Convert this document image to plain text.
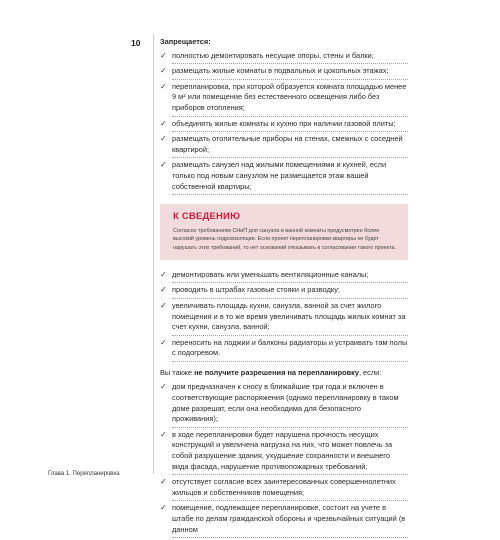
10
Глава 1. Перепланировка
Запрещается:
✓ полностью демонтировать несущие опоры, стены и балки;
✓ размещать жилые комнаты в подвальных и цокольных этажах;
✓ перепланировка, при которой образуется комната площадью менее 9 м² или помещение без естественного освещения либо без приборов отопления;
✓ объединять жилые комнаты и кухню при наличии газовой плиты;
✓ размещать отопительные приборы на стенах, смежных с соседней квартирой;
✓ размещать санузел над жилыми помещениями и кухней, если только под новым санузлом не размещается этаж вашей собственной квартиры;
К СВЕДЕНИЮ
Согласно требованиям СНиП для санузла и ванной комнаты предусмотрен более высокий уровень гидроизоляции. Если проект перепланировки квартиры не будет нарушать этих требований, то нет оснований отказывать в согласовании такого проекта.
✓ демонтировать или уменьшать вентиляционные каналы;
✓ проводить в штрабах газовые стояки и разводку;
✓ увеличивать площадь кухни, санузла, ванной за счет жилого помещения и в то же время увеличивать площадь жилых комнат за счет кухни, санузла, ванной;
✓ переносить на лоджии и балконы радиаторы и устраивать там полы с подогревом.
Вы также не получите разрешения на перепланировку, если:
✓ дом предназначен к сносу в ближайшие три года и включен в соответствующие распоряжения (однако перепланировку в таком доме разрешат, если она необходима для безопасного проживания);
✓ в ходе перепланировки будет нарушена прочность несущих конструкций и увеличена нагрузка на них, что может повлечь за собой разрушение здания, ухудшение сохранности и внешнего вида фасада, нарушение противопожарных требований;
✓ отсутствует согласие всех заинтересованных совершеннолетних жильцов и собственников помещения;
✓ помещение, подлежащее перепланировке, состоит на учете в штабе по делам гражданской обороны и чрезвычайных ситуаций (в данном
